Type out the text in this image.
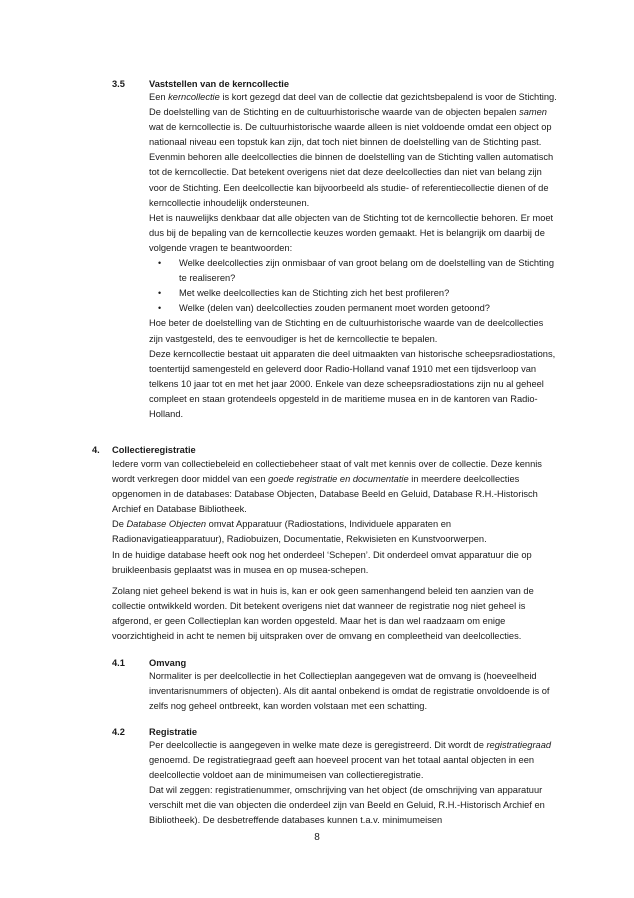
3.5	Vaststellen van de kerncollectie

Een kerncollectie is kort gezegd dat deel van de collectie dat gezichtsbepalend is voor de Stichting. De doelstelling van de Stichting en de cultuurhistorische waarde van de objecten bepalen samen wat de kerncollectie is. De cultuurhistorische waarde alleen is niet voldoende omdat een object op nationaal niveau een topstuk kan zijn, dat toch niet binnen de doelstelling van de Stichting past. Evenmin behoren alle deelcollecties die binnen de doelstelling van de Stichting vallen automatisch tot de kerncollectie. Dat betekent overigens niet dat deze deelcollecties dan niet van belang zijn voor de Stichting. Een deelcollectie kan bijvoorbeeld als studie- of referentiecollectie dienen of de kerncollectie inhoudelijk ondersteunen.

Het is nauwelijks denkbaar dat alle objecten van de Stichting tot de kerncollectie behoren. Er moet dus bij de bepaling van de kerncollectie keuzes worden gemaakt. Het is belangrijk om daarbij de volgende vragen te beantwoorden:

• Welke deelcollecties zijn onmisbaar of van groot belang om de doelstelling van de Stichting te realiseren?
• Met welke deelcollecties kan de Stichting zich het best profileren?
• Welke (delen van) deelcollecties zouden permanent moet worden getoond?

Hoe beter de doelstelling van de Stichting en de cultuurhistorische waarde van de deelcollecties zijn vastgesteld, des te eenvoudiger is het de kerncollectie te bepalen.

Deze kerncollectie bestaat uit apparaten die deel uitmaakten van historische scheepsradiostations, toentertijd samengesteld en geleverd door Radio-Holland vanaf 1910 met een tijdsverloop van telkens 10 jaar tot en met het jaar 2000. Enkele van deze scheepsradiostations zijn nu al geheel compleet en staan grotendeels opgesteld in de maritieme musea en in de kantoren van Radio-Holland.

4. Collectieregistratie

Iedere vorm van collectiebeleid en collectiebeheer staat of valt met kennis over de collectie. Deze kennis wordt verkregen door middel van een goede registratie en documentatie in meerdere deelcollecties opgenomen in de databases: Database Objecten, Database Beeld en Geluid, Database R.H.-Historisch Archief en Database Bibliotheek.

De Database Objecten omvat Apparatuur (Radiostations, Individuele apparaten en Radionavigatieapparatuur), Radiobuizen, Documentatie, Rekwisieten en Kunstvoorwerpen.

In de huidige database heeft ook nog het onderdeel ‘Schepen’. Dit onderdeel omvat apparatuur die op bruikleenbasis geplaatst was in musea en op musea-schepen.

Zolang niet geheel bekend is wat in huis is, kan er ook geen samenhangend beleid ten aanzien van de collectie ontwikkeld worden. Dit betekent overigens niet dat wanneer de registratie nog niet geheel is afgerond, er geen Collectieplan kan worden opgesteld. Maar het is dan wel raadzaam om enige voorzichtigheid in acht te nemen bij uitspraken over de omvang en compleetheid van deelcollecties.

4.1	Omvang

Normaliter is per deelcollectie in het Collectieplan aangegeven wat de omvang is (hoeveelheid inventarisnummers of objecten). Als dit aantal onbekend is omdat de registratie onvoldoende is of zelfs nog geheel ontbreekt, kan worden volstaan met een schatting.

4.2	Registratie

Per deelcollectie is aangegeven in welke mate deze is geregistreerd. Dit wordt de registratiegraad genoemd. De registratiegraad geeft aan hoeveel procent van het totaal aantal objecten in een deelcollectie voldoet aan de minimumeisen van collectieregistratie.

Dat wil zeggen: registratienummer, omschrijving van het object (de omschrijving van apparatuur verschilt met die van objecten die onderdeel zijn van Beeld en Geluid, R.H.-Historisch Archief en Bibliotheek). De desbetreffende databases kunnen t.a.v. minimumeisen

8
